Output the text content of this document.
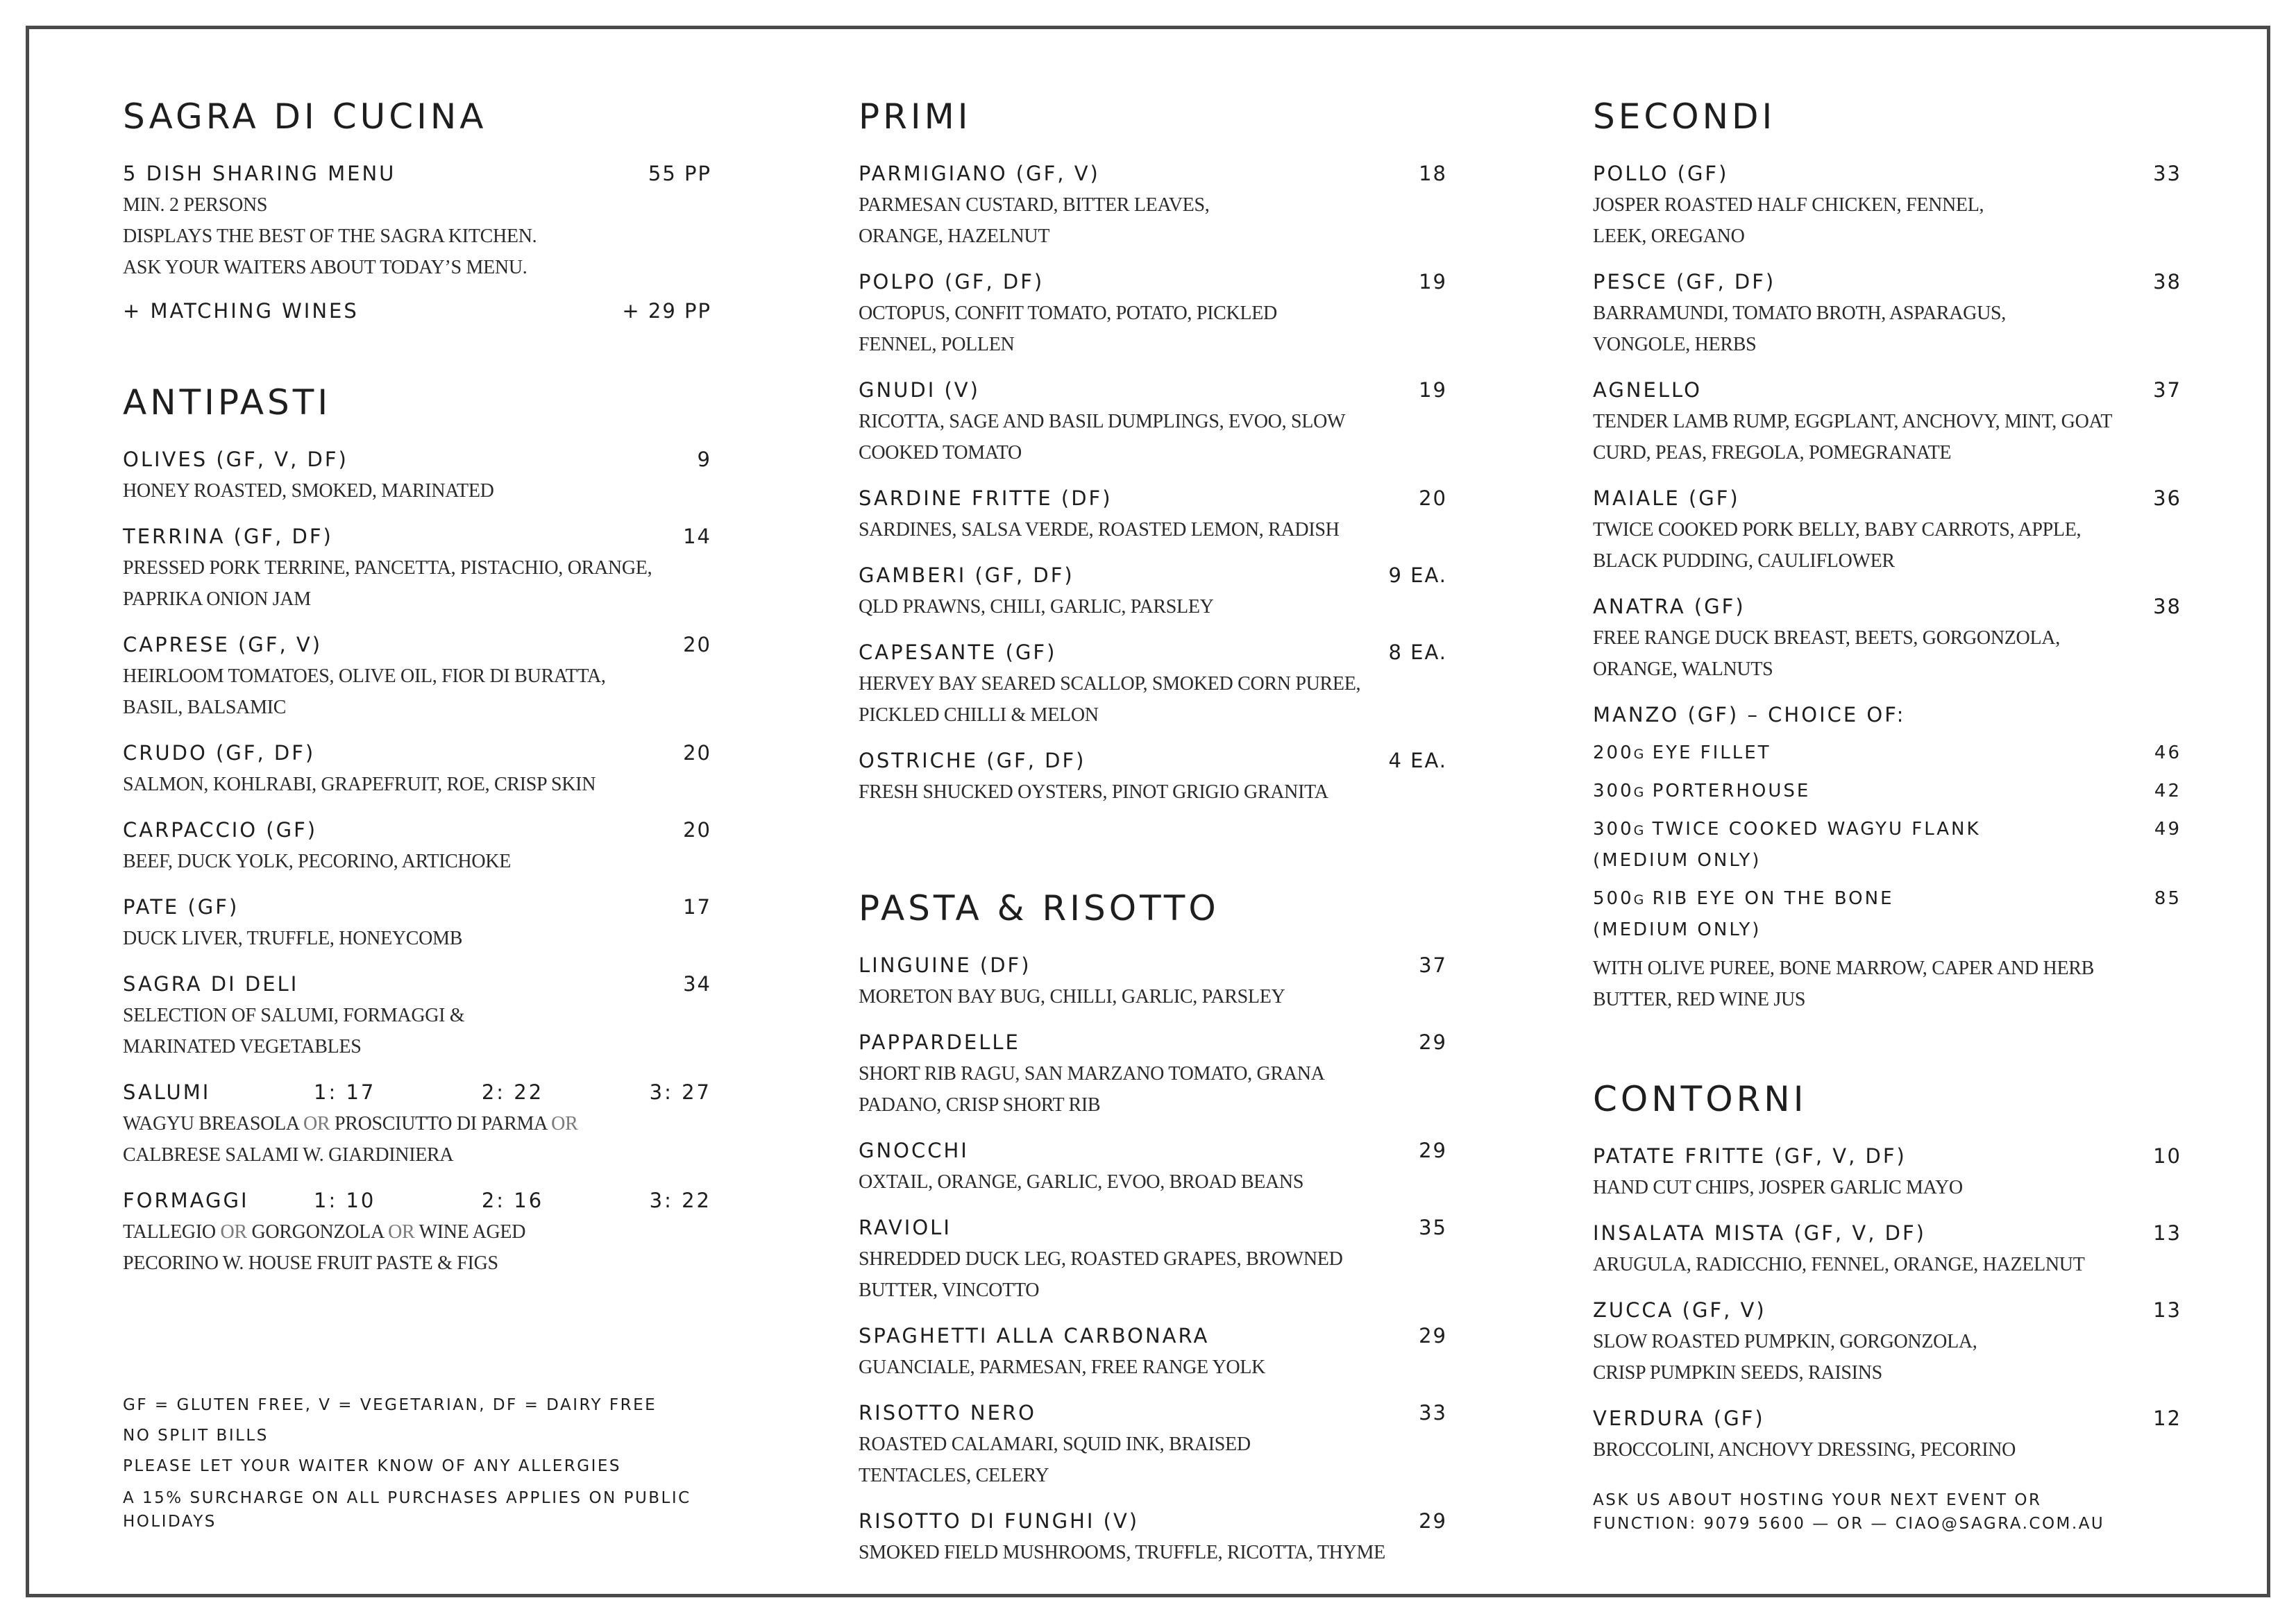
SAGRA DI CUCINA
5 DISH SHARING MENU	55 PP
MIN. 2 PERSONS
DISPLAYS THE BEST OF THE SAGRA KITCHEN.
ASK YOUR WAITERS ABOUT TODAY’S MENU.
+ MATCHING WINES	+ 29 PP
ANTIPASTI
OLIVES (GF, V, DF)	9
HONEY ROASTED, SMOKED, MARINATED
TERRINA (GF, DF)	14
PRESSED PORK TERRINE, PANCETTA, PISTACHIO, ORANGE,
PAPRIKA ONION JAM
CAPRESE (GF, V)	20
HEIRLOOM TOMATOES, OLIVE OIL, FIOR DI BURATTA,
BASIL, BALSAMIC
CRUDO (GF, DF)	20
SALMON, KOHLRABI, GRAPEFRUIT, ROE, CRISP SKIN
CARPACCIO (GF)	20
BEEF, DUCK YOLK, PECORINO, ARTICHOKE
PATE (GF)	17
DUCK LIVER, TRUFFLE, HONEYCOMB
SAGRA DI DELI	34
SELECTION OF SALUMI, FORMAGGI &
MARINATED VEGETABLES
SALUMI	1: 17	2: 22	3: 27
WAGYU BREASOLA OR PROSCIUTTO DI PARMA OR
CALBRESE SALAMI W. GIARDINIERA
FORMAGGI	1: 10	2: 16	3: 22
TALLEGIO OR GORGONZOLA OR WINE AGED
PECORINO W. HOUSE FRUIT PASTE & FIGS
GF = GLUTEN FREE, V = VEGETARIAN, DF = DAIRY FREE
NO SPLIT BILLS
PLEASE LET YOUR WAITER KNOW OF ANY ALLERGIES
A 15% SURCHARGE ON ALL PURCHASES APPLIES ON PUBLIC HOLIDAYS
PRIMI
PARMIGIANO (GF, V)	18
PARMESAN CUSTARD, BITTER LEAVES,
ORANGE, HAZELNUT
POLPO (GF, DF)	19
OCTOPUS, CONFIT TOMATO, POTATO, PICKLED
FENNEL, POLLEN
GNUDI (V)	19
RICOTTA, SAGE AND BASIL DUMPLINGS, EVOO, SLOW
COOKED TOMATO
SARDINE FRITTE (DF)	20
SARDINES, SALSA VERDE, ROASTED LEMON, RADISH
GAMBERI (GF, DF)	9 EA.
QLD PRAWNS, CHILI, GARLIC, PARSLEY
CAPESANTE (GF)	8 EA.
HERVEY BAY SEARED SCALLOP, SMOKED CORN PUREE,
PICKLED CHILLI & MELON
OSTRICHE (GF, DF)	4 EA.
FRESH SHUCKED OYSTERS, PINOT GRIGIO GRANITA
PASTA & RISOTTO
LINGUINE (DF)	37
MORETON BAY BUG, CHILLI, GARLIC, PARSLEY
PAPPARDELLE	29
SHORT RIB RAGU, SAN MARZANO TOMATO, GRANA
PADANO, CRISP SHORT RIB
GNOCCHI	29
OXTAIL, ORANGE, GARLIC, EVOO, BROAD BEANS
RAVIOLI	35
SHREDDED DUCK LEG, ROASTED GRAPES, BROWNED
BUTTER, VINCOTTO
SPAGHETTI ALLA CARBONARA	29
GUANCIALE, PARMESAN, FREE RANGE YOLK
RISOTTO NERO	33
ROASTED CALAMARI, SQUID INK, BRAISED
TENTACLES, CELERY
RISOTTO DI FUNGHI (V)	29
SMOKED FIELD MUSHROOMS, TRUFFLE, RICOTTA, THYME
SECONDI
POLLO (GF)	33
JOSPER ROASTED HALF CHICKEN, FENNEL,
LEEK, OREGANO
PESCE (GF, DF)	38
BARRAMUNDI, TOMATO BROTH, ASPARAGUS,
VONGOLE, HERBS
AGNELLO	37
TENDER LAMB RUMP, EGGPLANT, ANCHOVY, MINT, GOAT
CURD, PEAS, FREGOLA, POMEGRANATE
MAIALE (GF)	36
TWICE COOKED PORK BELLY, BABY CARROTS, APPLE,
BLACK PUDDING, CAULIFLOWER
ANATRA (GF)	38
FREE RANGE DUCK BREAST, BEETS, GORGONZOLA,
ORANGE, WALNUTS
MANZO (GF) – CHOICE OF:
200G EYE FILLET	46
300G PORTERHOUSE	42
300G TWICE COOKED WAGYU FLANK	49
(MEDIUM ONLY)
500G RIB EYE ON THE BONE	85
(MEDIUM ONLY)
WITH OLIVE PUREE, BONE MARROW, CAPER AND HERB
BUTTER, RED WINE JUS
CONTORNI
PATATE FRITTE (GF, V, DF)	10
HAND CUT CHIPS, JOSPER GARLIC MAYO
INSALATA MISTA (GF, V, DF)	13
ARUGULA, RADICCHIO, FENNEL, ORANGE, HAZELNUT
ZUCCA (GF, V)	13
SLOW ROASTED PUMPKIN, GORGONZOLA,
CRISP PUMPKIN SEEDS, RAISINS
VERDURA (GF)	12
BROCCOLINI, ANCHOVY DRESSING, PECORINO
ASK US ABOUT HOSTING YOUR NEXT EVENT OR
FUNCTION: 9079 5600 — OR — CIAO@SAGRA.COM.AU
